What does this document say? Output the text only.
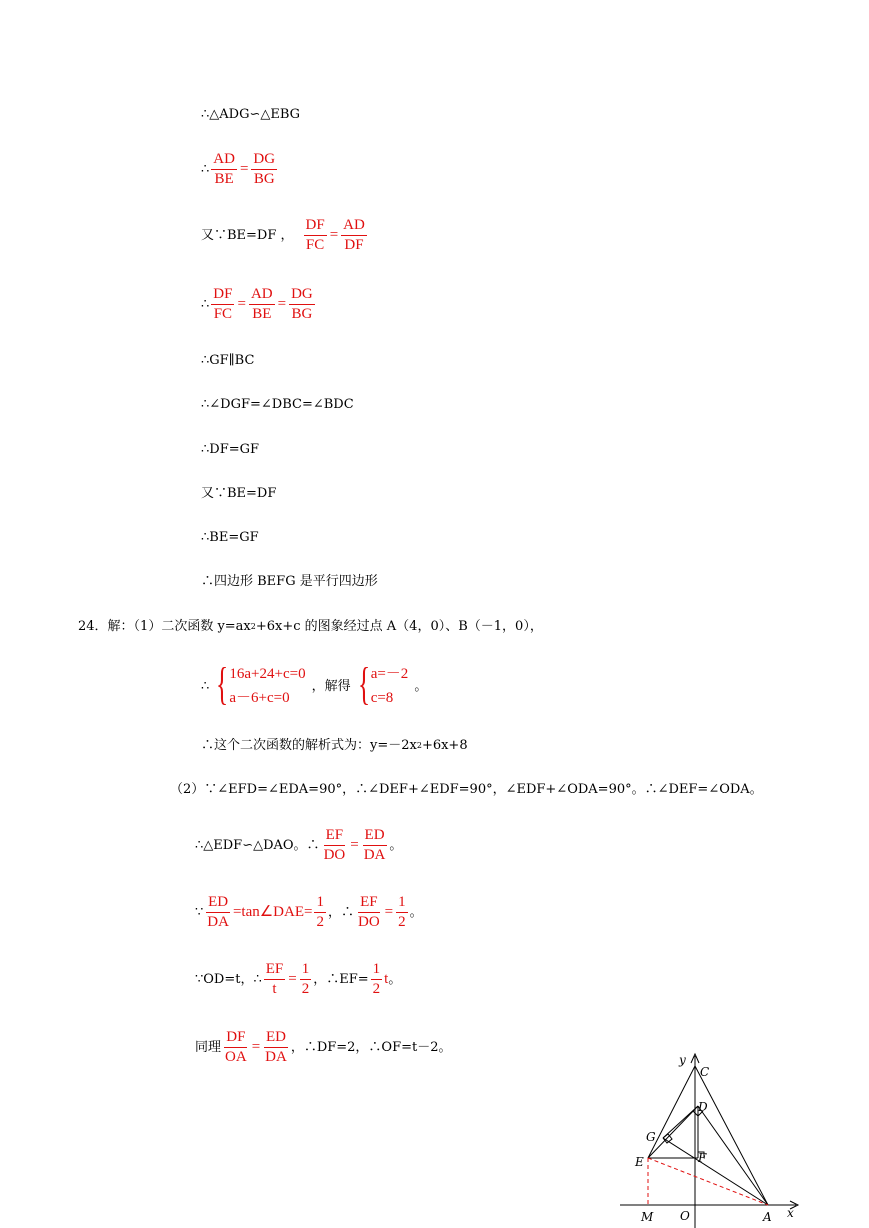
∴△ADG∽△EBG
∴ $\frac{AD}{BE} = \frac{DG}{BG}$
又∵BE=DF ， $\frac{DF}{FC} = \frac{AD}{DF}$
∴ $\frac{DF}{FC} = \frac{AD}{BE} = \frac{DG}{BG}$
∴GF∥BC
∴∠DGF=∠DBC=∠BDC
∴DF=GF
又∵BE=DF
∴BE=GF
∴四边形 BEFG 是平行四边形
24．解：（1）二次函数 y=ax 2 +6x+c 的图象经过点 A（4，0）、B（－1，0），
∴ { 16a+24+c=0
a－6+c=0
，解得 { a=－2
c=8
。
∴这个二次函数的解析式为：y=－2x 2 +6x+8
（2）∵∠EFD=∠EDA=90°，∴∠DEF+∠EDF=90°，∠EDF+∠ODA=90°。∴∠DEF=∠ODA。
∴△EDF∽△DAO。∴ $\frac{EF}{DO} = \frac{ED}{DA}$ 。
∵ $\frac{ED}{DA}$ =tan∠DAE= $\frac{1}{2}$ ，∴ $\frac{EF}{DO} = \frac{1}{2}$ 。
∵OD=t，∴ $\frac{EF}{t} = \frac{1}{2}$ ，∴EF= $\frac{1}{2}$ t 。
同理 $\frac{DF}{OA} = \frac{ED}{DA}$ ，∴DF=2，∴OF=t－2。
y
C
D
G
E	F
M O	A x
